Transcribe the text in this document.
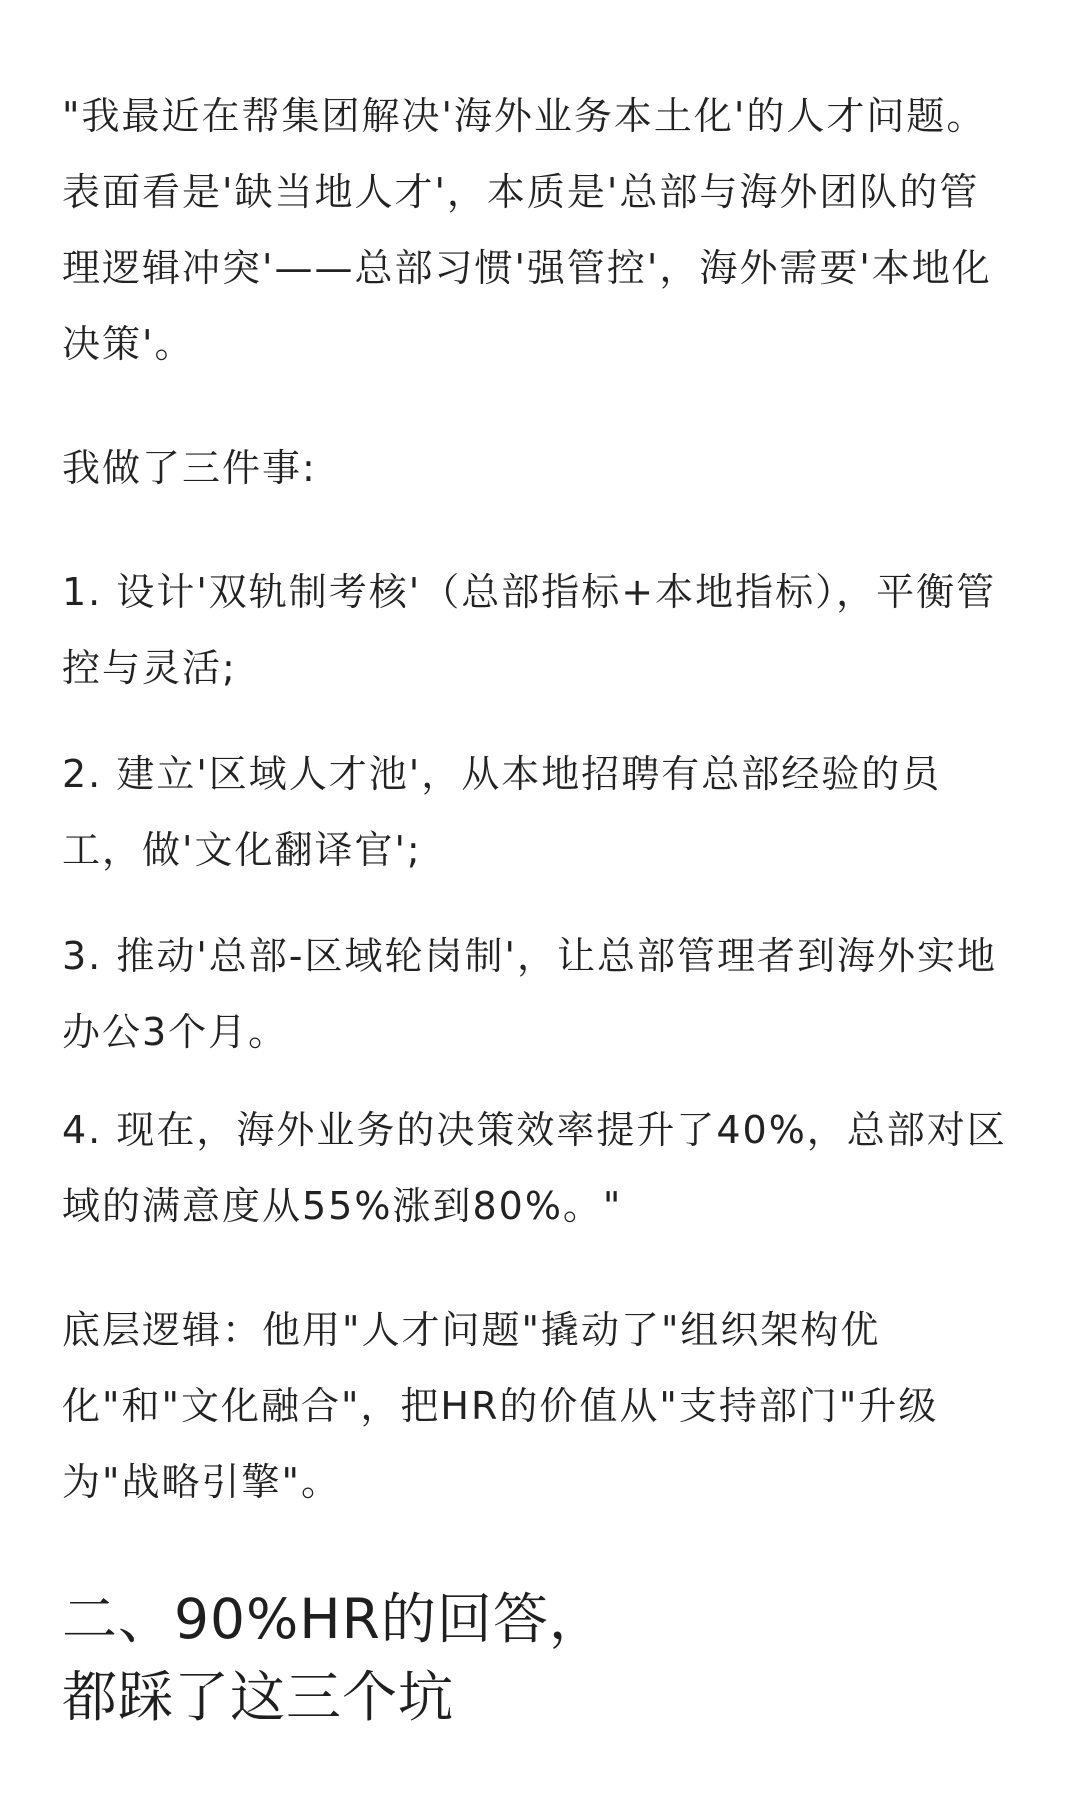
"我最近在帮集团解决'海外业务本土化'的人才问题。表面看是'缺当地人才'，本质是'总部与海外团队的管理逻辑冲突'——总部习惯'强管控'，海外需要'本地化决策'。

我做了三件事:

1. 设计'双轨制考核'（总部指标+本地指标），平衡管控与灵活;

2. 建立'区域人才池'，从本地招聘有总部经验的员工，做'文化翻译官';

3. 推动'总部-区域轮岗制'，让总部管理者到海外实地办公3个月。

4. 现在，海外业务的决策效率提升了40%，总部对区域的满意度从55%涨到80%。"

底层逻辑：他用"人才问题"撬动了"组织架构优化"和"文化融合"，把HR的价值从"支持部门"升级为"战略引擎"。

二、90%HR的回答，
都踩了这三个坑
